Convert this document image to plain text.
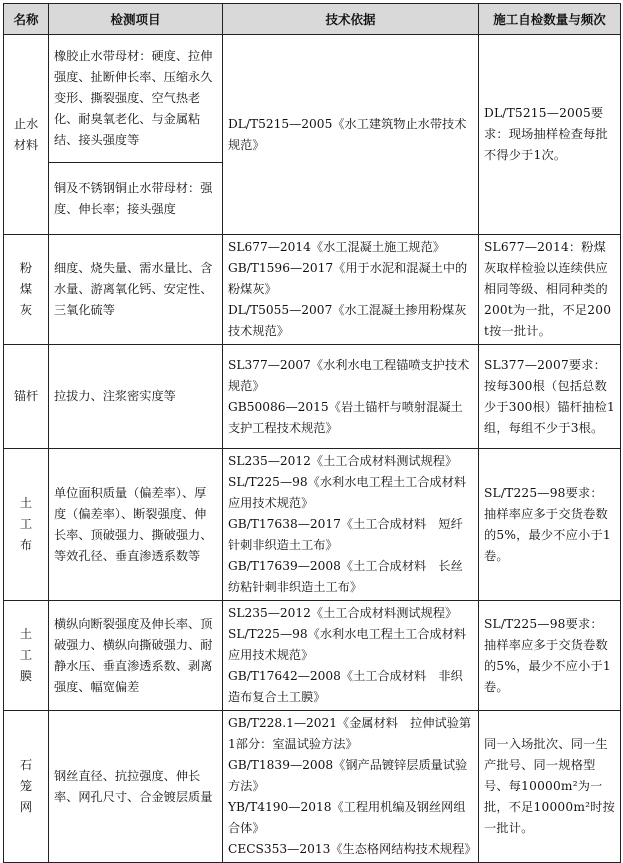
名称	检测项目	技术依据	施工自检数量与频次
止水材料	橡胶止水带母材：硬度、拉伸强度、扯断伸长率、压缩永久变形、撕裂强度、空气热老化、耐臭氧老化、与金属粘结、接头强度等	DL/T5215—2005《水工建筑物止水带技术规范》	DL/T5215—2005要求：现场抽样检查每批不得少于1次。
	铜及不锈钢铜止水带母材：强度、伸长率；接头强度		
粉煤灰	细度、烧失量、需水量比、含水量、游离氧化钙、安定性、三氧化硫等	SL677—2014《水工混凝土施工规范》
GB/T1596—2017《用于水泥和混凝土中的粉煤灰》
DL/T5055—2007《水工混凝土掺用粉煤灰技术规范》	SL677—2014：粉煤灰取样检验以连续供应相同等级、相同种类的200t为一批，不足200t按一批计。
锚杆	拉拔力、注浆密实度等	SL377—2007《水利水电工程锚喷支护技术规范》
GB50086—2015《岩土锚杆与喷射混凝土支护工程技术规范》	SL377—2007要求：按每300根（包括总数少于300根）锚杆抽检1组，每组不少于3根。
土工布	单位面积质量（偏差率）、厚度（偏差率）、断裂强度、伸长率、顶破强力、撕破强力、等效孔径、垂直渗透系数等	SL235—2012《土工合成材料测试规程》
SL/T225—98《水利水电工程土工合成材料应用技术规范》
GB/T17638—2017《土工合成材料　短纤针刺非织造土工布》
GB/T17639—2008《土工合成材料　长丝纺粘针刺非织造土工布》	SL/T225—98要求：抽样率应多于交货卷数的5%，最少不应小于1卷。
土工膜	横纵向断裂强度及伸长率、顶破强力、横纵向撕破强力、耐静水压、垂直渗透系数、剥离强度、幅宽偏差	SL235—2012《土工合成材料测试规程》
SL/T225—98《水利水电工程土工合成材料应用技术规范》
GB/T17642—2008《土工合成材料　非织造布复合土工膜》	SL/T225—98要求：抽样率应多于交货卷数的5%，最少不应小于1卷。
石笼网	钢丝直径、抗拉强度、伸长率、网孔尺寸、合金镀层质量	GB/T228.1—2021《金属材料　拉伸试验第1部分：室温试验方法》
GB/T1839—2008《钢产品镀锌层质量试验方法》
YB/T4190—2018《工程用机编及钢丝网组合体》
CECS353—2013《生态格网结构技术规程》	同一入场批次、同一生产批号、同一规格型号、每10000m²为一批，不足10000m²时按一批计。
